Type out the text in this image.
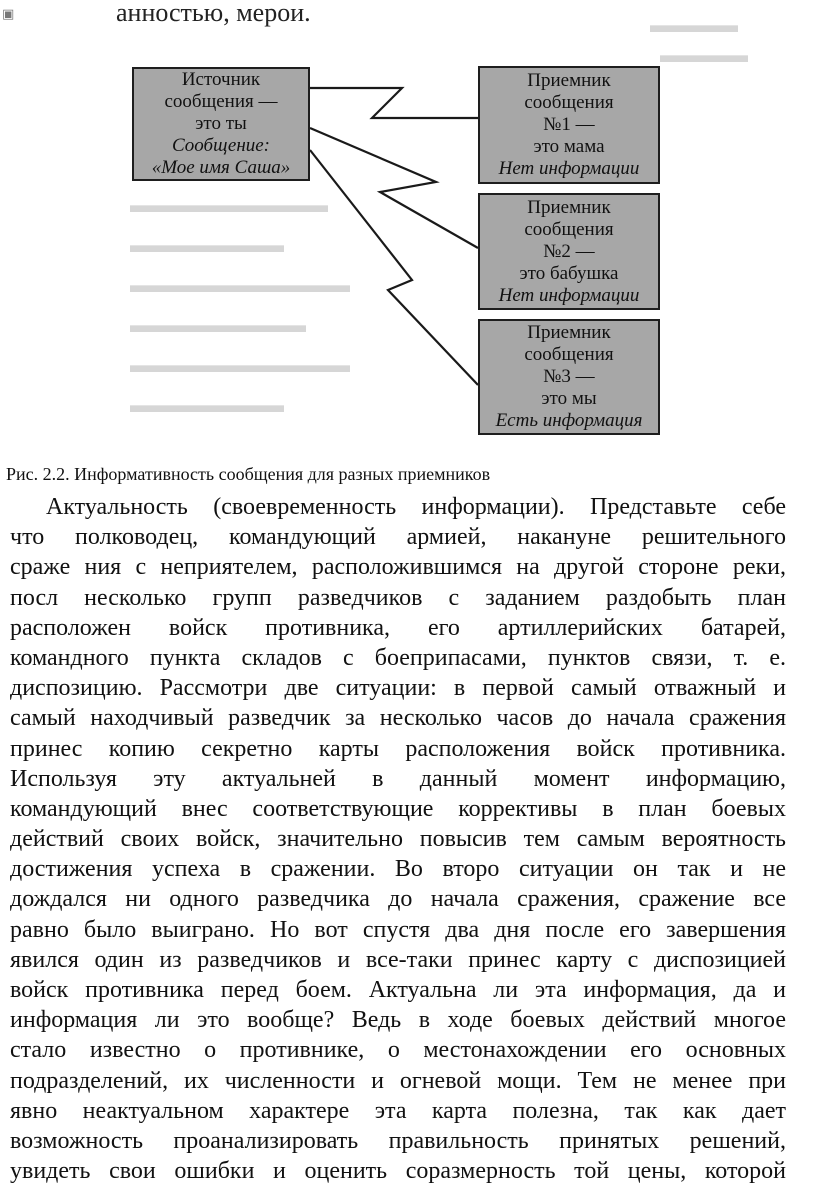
▣	анностью, мерои.	▬▬▬▬
▬▬▬▬
▬▬▬▬▬▬▬▬▬
▬▬▬▬▬▬▬
▬▬▬▬▬▬▬▬▬▬
▬▬▬▬▬▬▬▬
▬▬▬▬▬▬▬▬▬▬
▬▬▬▬▬▬▬
Источник
сообщения —
это ты
Сообщение:
«Мое имя Саша»
Приемник
сообщения
№1 —
это мама
Нет информации
Приемник
сообщения
№2 —
это бабушка
Нет информации
Приемник
сообщения
№3 —
это мы
Есть информация
Рис. 2.2. Информативность сообщения для разных приемников
Актуальность (своевременность информации). Представьте себе
что полководец, командующий армией, накануне решительного
сраже ния с неприятелем, расположившимся на другой стороне реки,
посл несколько групп разведчиков с заданием раздобыть план
расположен войск противника, его артиллерийских батарей,
командного пункта складов с боеприпасами, пунктов связи, т. е.
диспозицию. Рассмотри две ситуации: в первой самый отважный и
самый находчивый разведчик за несколько часов до начала сражения
принес копию секретно карты расположения войск противника.
Используя эту актуальней в данный момент информацию,
командующий внес соответствующие коррективы в план боевых
действий своих войск, значительно повысив тем самым вероятность
достижения успеха в сражении. Во второ ситуации он так и не
дождался ни одного разведчика до начала сражения, сражение все
равно было выиграно. Но вот спустя два дня после его завершения
явился один из разведчиков и все-таки принес карту с диспозицией
войск противника перед боем. Актуальна ли эта информация, да и
информация ли это вообще? Ведь в ходе боевых действий многое
стало известно о противнике, о местонахождении его основных
подразделений, их численности и огневой мощи. Тем не менее при
явно неактуальном характере эта карта полезна, так как дает
возможность проанализировать правильность принятых решений,
увидеть свои ошибки и оценить соразмерность той цены, которой
